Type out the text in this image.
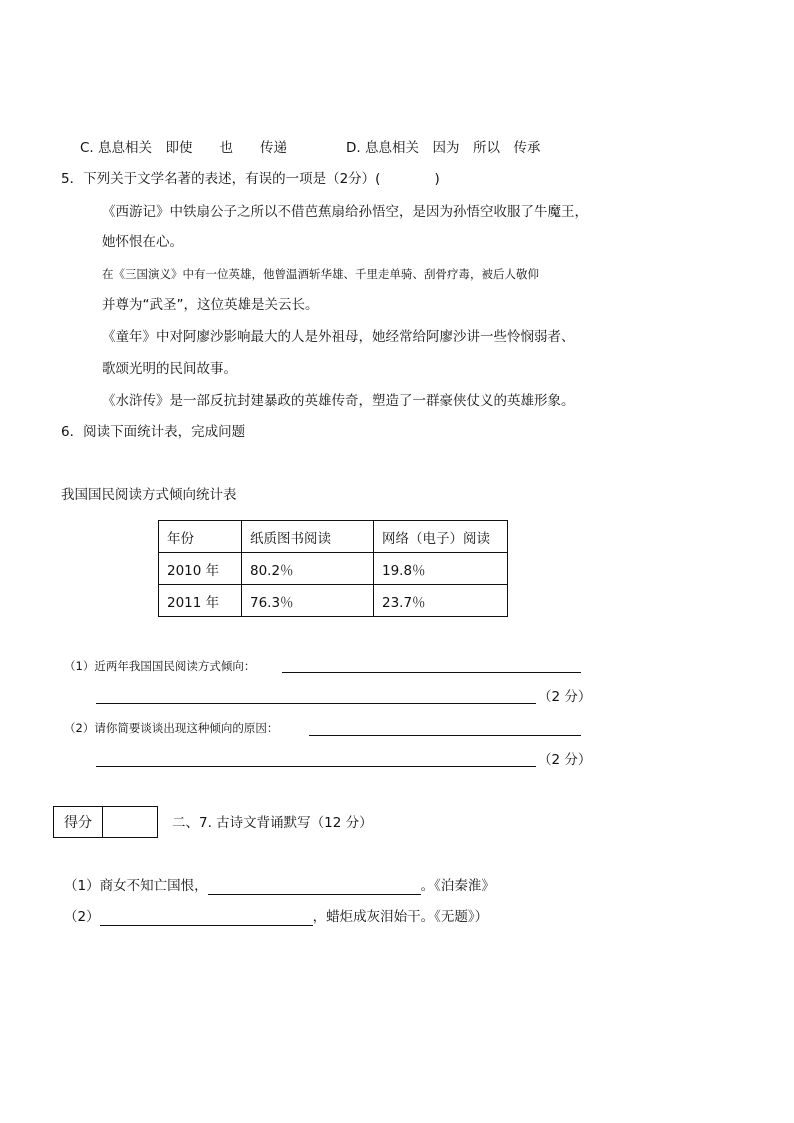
C. 息息相关　即使　　也　　传递	D. 息息相关　因为　所以　传承
5．下列关于文学名著的表述，有误的一项是（2分）(　　　　)
《西游记》中铁扇公子之所以不借芭蕉扇给孙悟空，是因为孙悟空收服了牛魔王，
她怀恨在心。
在《三国演义》中有一位英雄，他曾温酒斩华雄、千里走单骑、刮骨疗毒，被后人敬仰
并尊为“武圣”，这位英雄是关云长。
《童年》中对阿廖沙影响最大的人是外祖母，她经常给阿廖沙讲一些怜悯弱者、
歌颂光明的民间故事。
《水浒传》是一部反抗封建暴政的英雄传奇，塑造了一群豪侠仗义的英雄形象。
6．阅读下面统计表，完成问题
我国国民阅读方式倾向统计表
年份	纸质图书阅读	网络（电子）阅读
2010 年	80.2％	19.8％
2011 年	76.3％	23.7％
（1）近两年我国国民阅读方式倾向：
（2 分）
（2）请你简要谈谈出现这种倾向的原因：
（2 分）
得分	二、7. 古诗文背诵默写（12 分）
（1）商女不知亡国恨，	。《泊秦淮》
（2）	，蜡炬成灰泪始干。《无题》）
